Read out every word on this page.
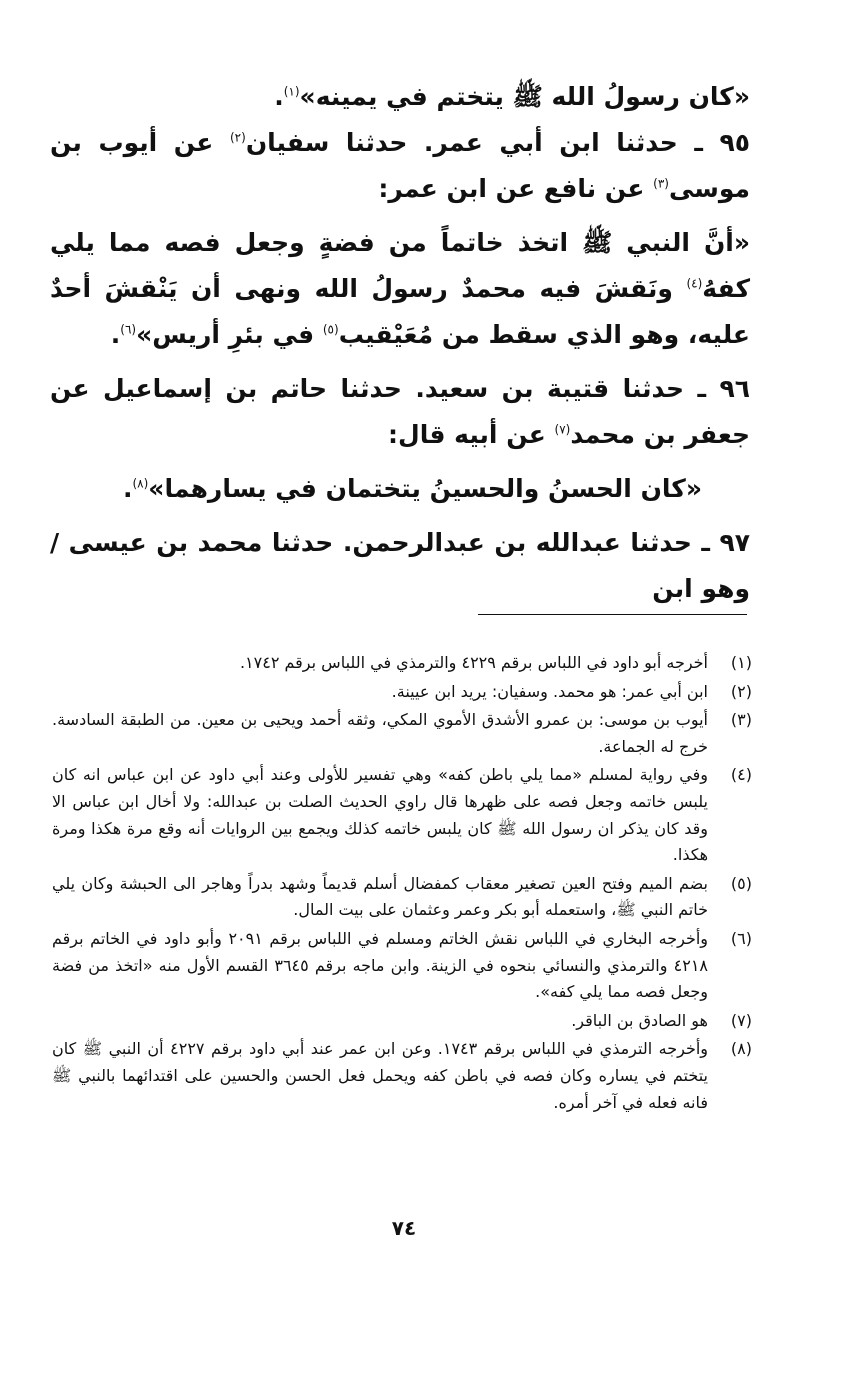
«كان رسولُ الله ﷺ يتختم في يمينه»$^{(١)}$.

٩٥ ـ حدثنا ابن أبي عمر. حدثنا سفيان$^{(٢)}$ عن أيوب بن موسى$^{(٣)}$ عن نافع عن ابن عمر:

«أنَّ النبي ﷺ اتخذ خاتماً من فضةٍ وجعل فصه مما يلي كفهُ$^{(٤)}$ ونَقشَ فيه محمدٌ رسولُ الله ونهى أن يَنْقشَ أحدٌ عليه، وهو الذي سقط من مُعَيْقيب$^{(٥)}$ في بئرِ أريس»$^{(٦)}$.

٩٦ ـ حدثنا قتيبة بن سعيد. حدثنا حاتم بن إسماعيل عن جعفر بن محمد$^{(٧)}$ عن أبيه قال:

«كان الحسنُ والحسينُ يتختمان في يسارهما»$^{(٨)}$.

٩٧ ـ حدثنا عبدالله بن عبدالرحمن. حدثنا محمد بن عيسى /وهو ابن

(١)
أخرجه أبو داود في اللباس برقم ٤٢٢٩ والترمذي في اللباس برقم ١٧٤٢.
(٢)
ابن أبي عمر: هو محمد. وسفيان: يريد ابن عيينة.
(٣)
أيوب بن موسى: بن عمرو الأشدق الأموي المكي، وثقه أحمد ويحيى بن معين. من الطبقة السادسة. خرج له الجماعة.
(٤)
وفي رواية لمسلم «مما يلي باطن كفه» وهي تفسير للأولى وعند أبي داود عن ابن عباس انه كان يلبس خاتمه وجعل فصه على ظهرها قال راوي الحديث الصلت بن عبدالله: ولا أخال ابن عباس الا وقد كان يذكر ان رسول الله ﷺ كان يلبس خاتمه كذلك ويجمع بين الروايات أنه وقع مرة هكذا ومرة هكذا.
(٥)
بضم الميم وفتح العين تصغير معقاب كمفضال أسلم قديماً وشهد بدراً وهاجر الى الحبشة وكان يلي خاتم النبي ﷺ، واستعمله أبو بكر وعمر وعثمان على بيت المال.
(٦)
وأخرجه البخاري في اللباس نقش الخاتم ومسلم في اللباس برقم ٢٠٩١ وأبو داود في الخاتم برقم ٤٢١٨ والترمذي والنسائي بنحوه في الزينة. وابن ماجه برقم ٣٦٤٥ القسم الأول منه «اتخذ من فضة وجعل فصه مما يلي كفه».
(٧)
هو الصادق بن الباقر.
(٨)
وأخرجه الترمذي في اللباس برقم ١٧٤٣. وعن ابن عمر عند أبي داود برقم ٤٢٢٧ أن النبي ﷺ كان يتختم في يساره وكان فصه في باطن كفه ويحمل فعل الحسن والحسين على اقتدائهما بالنبي ﷺ فانه فعله في آخر أمره.
٧٤
